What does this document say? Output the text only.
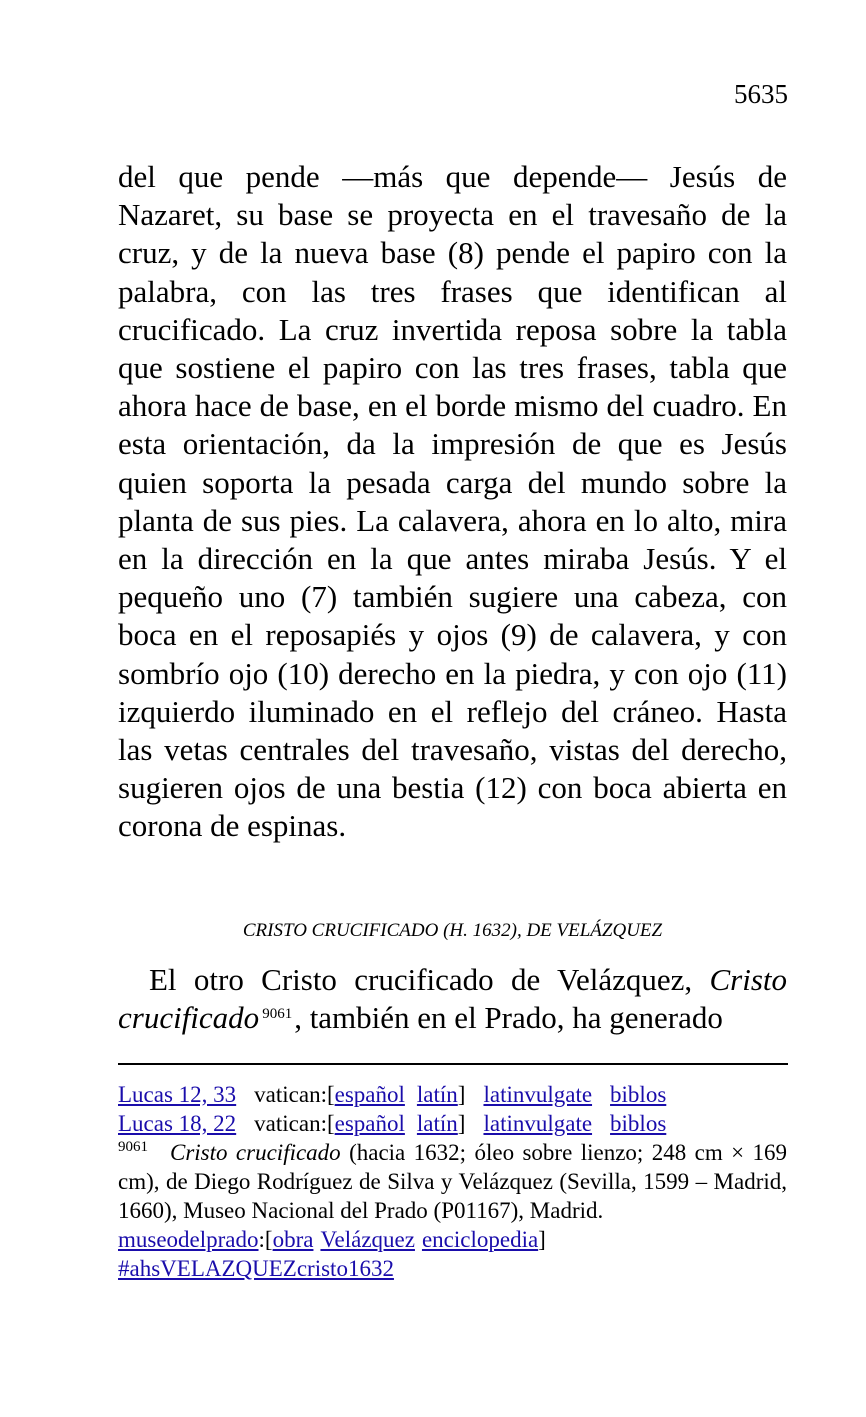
5635
del que pende ―más que depende― Jesús de Nazaret, su base se proyecta en el travesaño de la cruz, y de la nueva base (8) pende el papiro con la palabra, con las tres frases que identifican al crucificado. La cruz invertida reposa sobre la tabla que sostiene el papiro con las tres frases, tabla que ahora hace de base, en el borde mismo del cuadro. En esta orientación, da la impresión de que es Jesús quien soporta la pesada carga del mundo sobre la planta de sus pies. La calavera, ahora en lo alto, mira en la dirección en la que antes miraba Jesús. Y el pequeño uno (7) también sugiere una cabeza, con boca en el reposapiés y ojos (9) de calavera, y con sombrío ojo (10) derecho en la piedra, y con ojo (11) izquierdo iluminado en el reflejo del cráneo. Hasta las vetas centrales del travesaño, vistas del derecho, sugieren ojos de una bestia (12) con boca abierta en corona de espinas.
CRISTO CRUCIFICADO (H. 1632), DE VELÁZQUEZ
El otro Cristo crucificado de Velázquez, Cristo crucificado $^{9061}$, también en el Prado, ha generado
Lucas 12, 33 vatican:[español latín] latinvulgate biblos
Lucas 18, 22 vatican:[español latín] latinvulgate biblos
$^{9061}$ Cristo crucificado (hacia 1632; óleo sobre lienzo; 248 cm × 169 cm), de Diego Rodríguez de Silva y Velázquez (Sevilla, 1599 – Madrid, 1660), Museo Nacional del Prado (P01167), Madrid.
museodelprado:[obra Velázquez enciclopedia]
#ahsVELAZQUEZcristo1632
